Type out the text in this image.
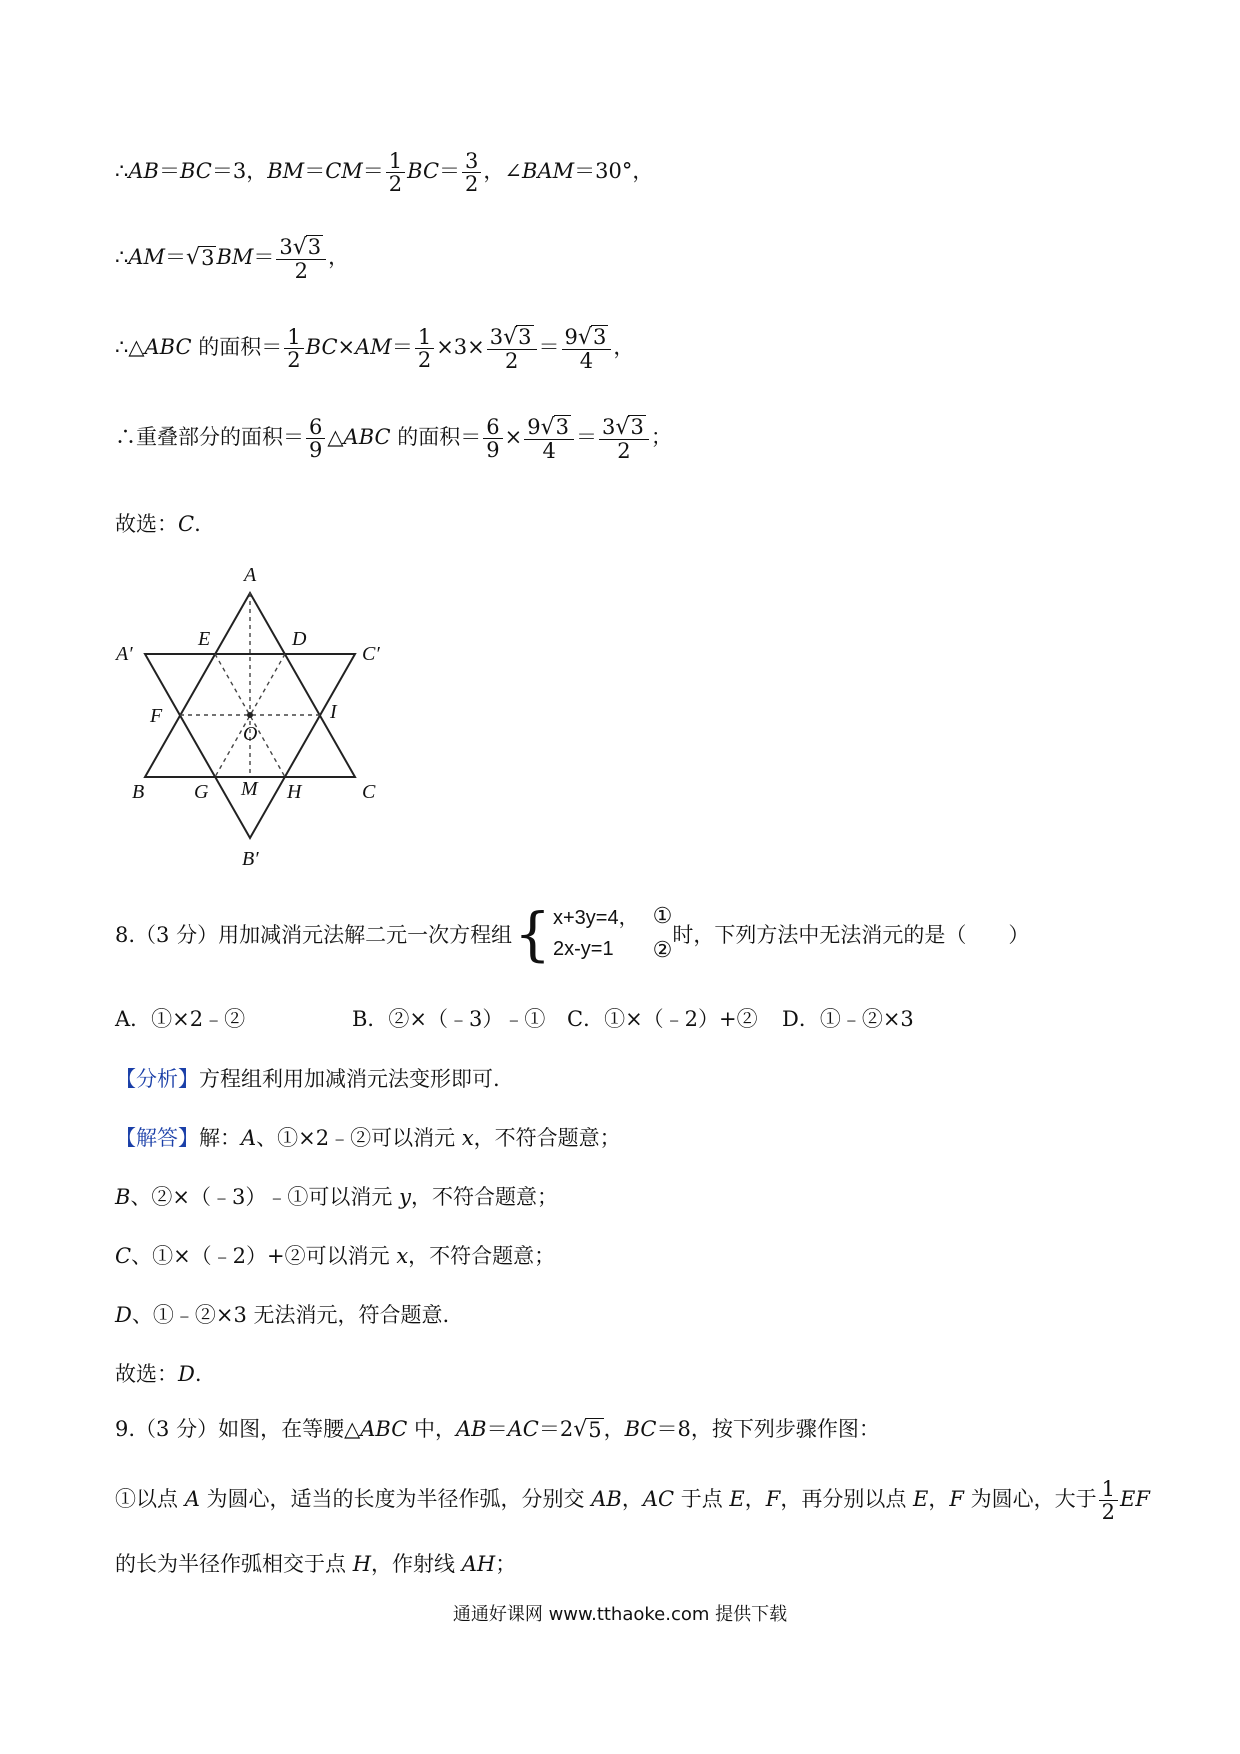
∴AB＝BC＝3，$BM=CM= \frac{1}{2} BC= \frac{3}{2}$ ，∠BAM＝30°，
∴AM＝ √ 3 $BM= \frac{3 √ 3}{2}$ ，
∴△ABC 的面积＝ $\frac{1}{2} BC\times AM= \frac{1}{2} \times 3\times \frac{3 √ 3}{2} = \frac{9 √ 3}{4}$ ，
∴重叠部分的面积＝ $\frac{6}{9}$ △ABC 的面积＝ $\frac{6}{9} \times \frac{9 √ 3}{4} = \frac{3 √ 3}{2}$ ；
故选：C.
A
A′	C′
E	D
F	I
O
B G M H	C
B′
8.（3 分）用加减消元法解二元一次方程组{ x+3y=4，
2x-y=1
①
②
时，下列方法中无法消元的是（　　）
A．①×2﹣②	B．②×（﹣3）﹣① C．①×（﹣2）+② D．①﹣②×3
【分析】方程组利用加减消元法变形即可.
【解答】解：A、①×2﹣②可以消元 x，不符合题意；
B、②×（﹣3）﹣①可以消元 y，不符合题意；
C、①×（﹣2）+②可以消元 x，不符合题意；
D、①﹣②×3 无法消元，符合题意.
故选：D.
9.（3 分）如图，在等腰△ABC 中，AB＝AC＝2 √ 5 ，BC＝8，按下列步骤作图：
①以点 A 为圆心，适当的长度为半径作弧，分别交 AB，AC 于点 E，F，再分别以点 E，F 为圆心，大于 $\frac{1}{2}$ EF
的长为半径作弧相交于点 H，作射线 AH；
通通好课网 www.tthaoke.com 提供下载
